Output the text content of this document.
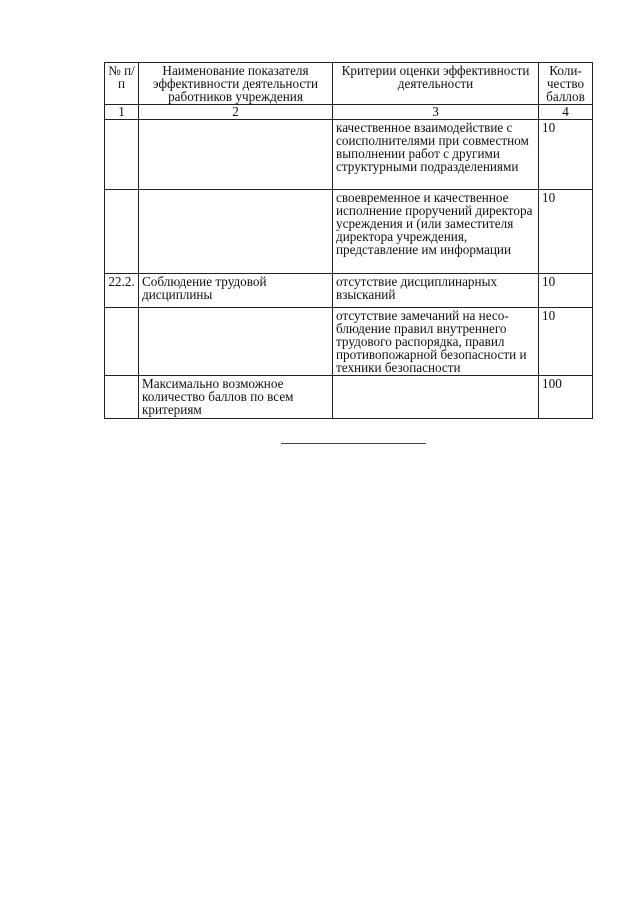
№ п/п	Наименование показателя эффективности деятельности работников учреждения	Критерии оценки эффективности деятельности	Коли-чество баллов
1	2	3	4
		качественное взаимодействие с соисполнителями при совместном выполнении работ с другими структурными подразделениями	10
		своевременное и качественное исполнение проручений директора усреждения и (или заместителя директора учреждения, представление им информации	10
22.2.	Соблюдение трудовой дисциплины	отсутствие дисциплинарных взысканий	10
		отсутствие замечаний на несо-блюдение правил внутреннего трудового распорядка, правил противопожарной безопасности и техники безопасности	10
	Максимально возможное количество баллов по всем критериям		100
